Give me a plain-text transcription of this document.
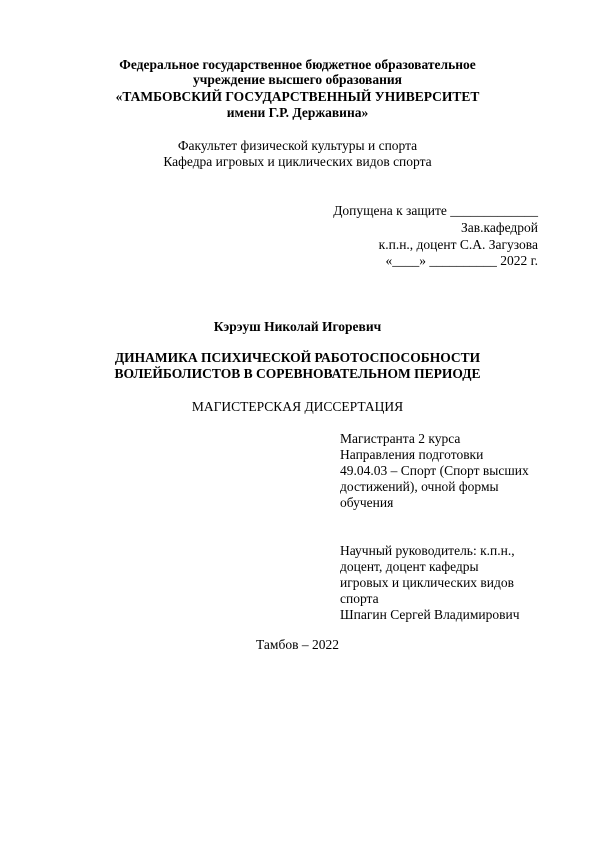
Федеральное государственное бюджетное образовательное
учреждение высшего образования
«ТАМБОВСКИЙ ГОСУДАРСТВЕННЫЙ УНИВЕРСИТЕТ
имени Г.Р. Державина»
Факультет физической культуры и спорта
Кафедра игровых и циклических видов спорта
Допущена к защите _____________
Зав.кафедрой
к.п.н., доцент С.А. Загузова
«____» __________ 2022 г.
Кэрэуш Николай Игоревич
ДИНАМИКА ПСИХИЧЕСКОЙ РАБОТОСПОСОБНОСТИ
ВОЛЕЙБОЛИСТОВ В СОРЕВНОВАТЕЛЬНОМ ПЕРИОДЕ
МАГИСТЕРСКАЯ ДИССЕРТАЦИЯ
Магистранта 2 курса
Направления подготовки
49.04.03 – Спорт (Спорт высших
достижений), очной формы
обучения
Научный руководитель: к.п.н.,
доцент, доцент кафедры
игровых и циклических видов
спорта
Шпагин Сергей Владимирович
Тамбов – 2022
